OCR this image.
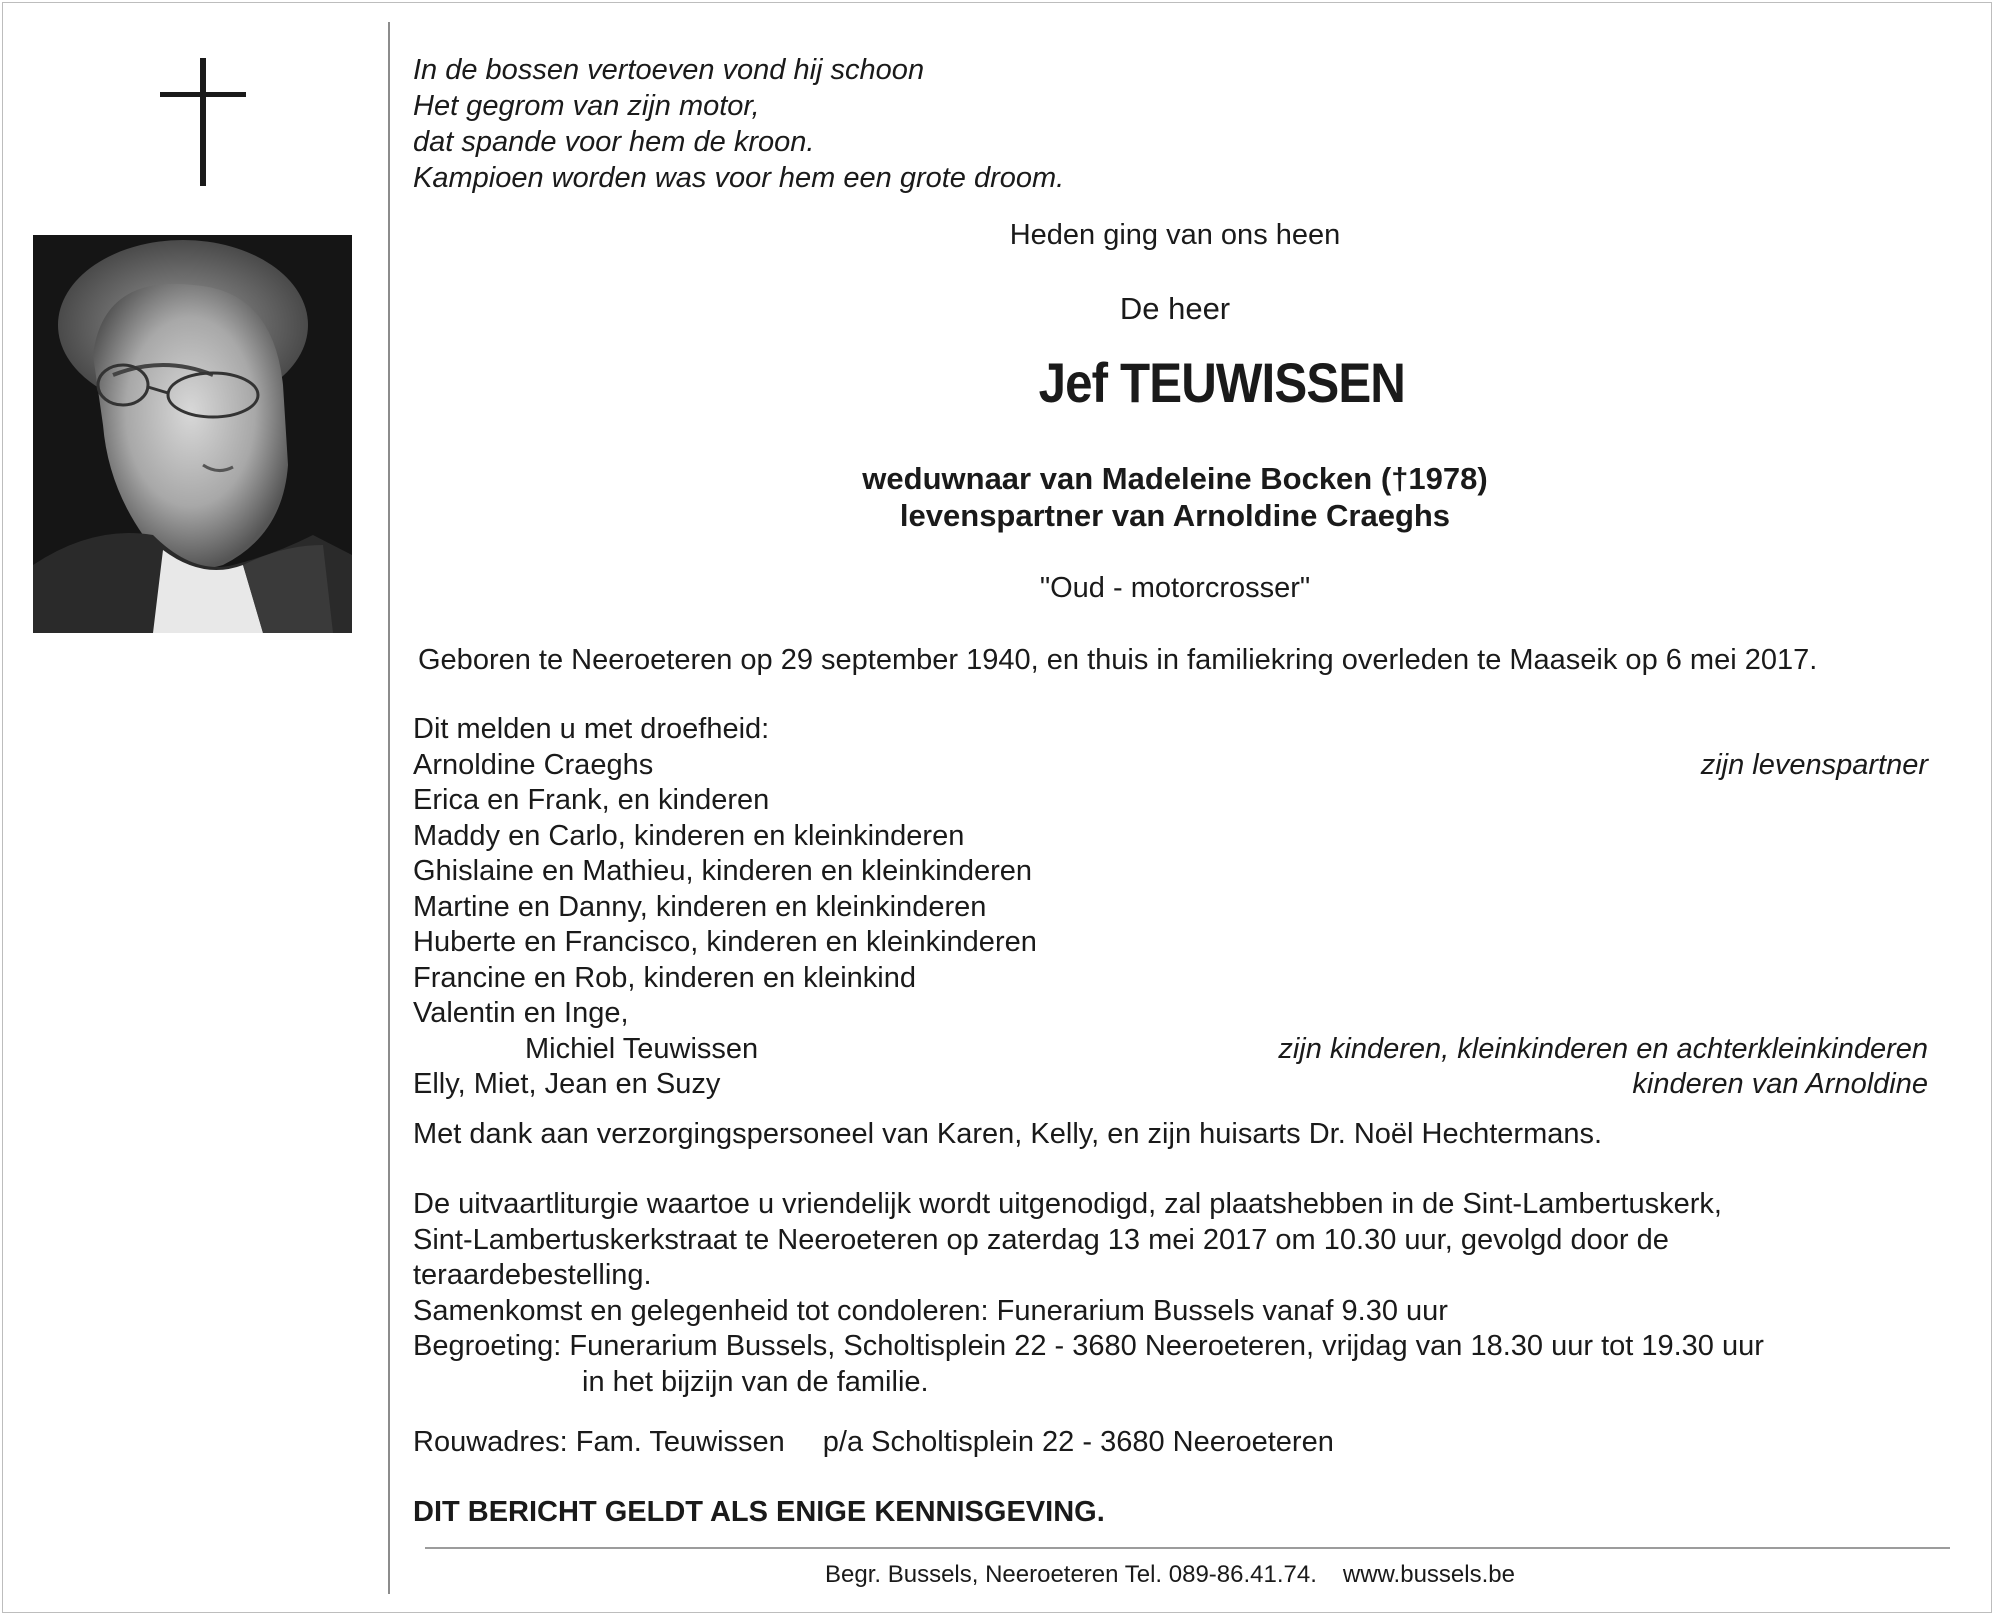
In de bossen vertoeven vond hij schoon
Het gegrom van zijn motor,
dat spande voor hem de kroon.
Kampioen worden was voor hem een grote droom.
Heden ging van ons heen
De heer
Jef TEUWISSEN
weduwnaar van Madeleine Bocken (†1978)
levenspartner van Arnoldine Craeghs
"Oud - motorcrosser"
Geboren te Neeroeteren op 29 september 1940, en thuis in familiekring overleden te Maaseik op 6 mei 2017.
Dit melden u met droefheid:
Arnoldine Craeghs	zijn levenspartner
Erica en Frank, en kinderen
Maddy en Carlo, kinderen en kleinkinderen
Ghislaine en Mathieu, kinderen en kleinkinderen
Martine en Danny, kinderen en kleinkinderen
Huberte en Francisco, kinderen en kleinkinderen
Francine en Rob, kinderen en kleinkind
Valentin en Inge,
Michiel Teuwissen	zijn kinderen, kleinkinderen en achterkleinkinderen
Elly, Miet, Jean en Suzy	kinderen van Arnoldine
Met dank aan verzorgingspersoneel van Karen, Kelly, en zijn huisarts Dr. Noël Hechtermans.
De uitvaartliturgie waartoe u vriendelijk wordt uitgenodigd, zal plaatshebben in de Sint-Lambertuskerk,
Sint-Lambertuskerkstraat te Neeroeteren op zaterdag 13 mei 2017 om 10.30 uur, gevolgd door de
teraardebestelling.
Samenkomst en gelegenheid tot condoleren: Funerarium Bussels vanaf 9.30 uur
Begroeting: Funerarium Bussels, Scholtisplein 22 - 3680 Neeroeteren, vrijdag van 18.30 uur tot 19.30 uur
in het bijzijn van de familie.
Rouwadres: Fam. Teuwissen p/a Scholtisplein 22 - 3680 Neeroeteren
DIT BERICHT GELDT ALS ENIGE KENNISGEVING.
Begr. Bussels, Neeroeteren Tel. 089-86.41.74. www.bussels.be
